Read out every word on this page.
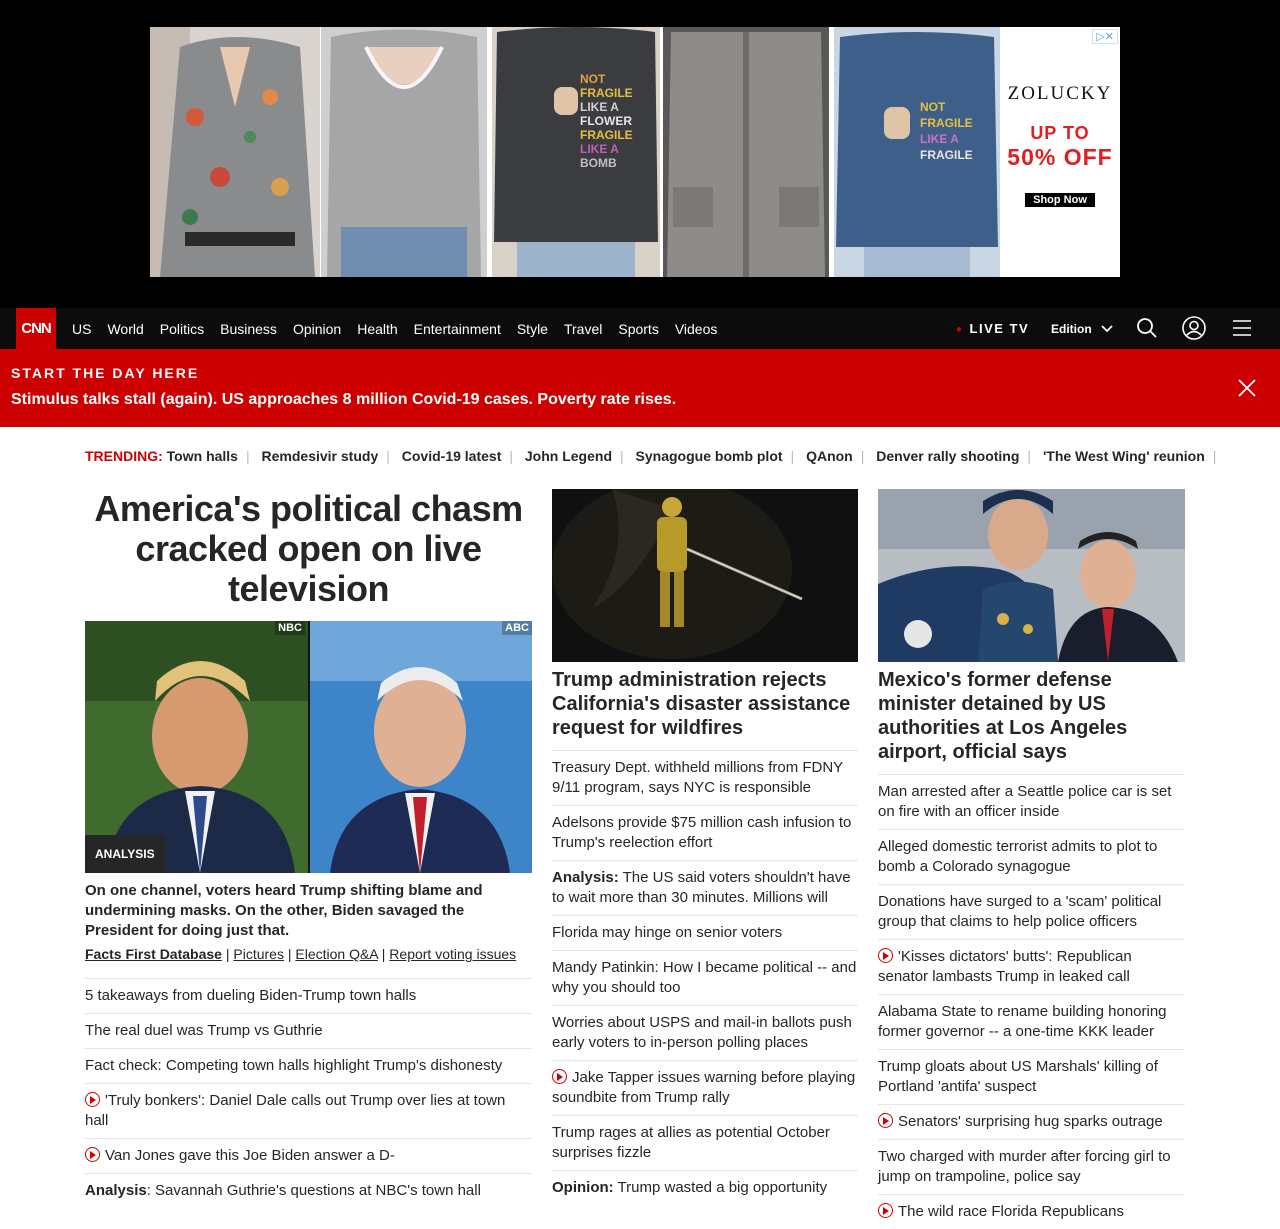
NOT
FRAGILE
LIKE A
FLOWER
FRAGILE
LIKE A
BOMB
NOT
FRAGILE
LIKE A
FRAGILE
ZOLUCKY
UP TO
50% OFF
Shop Now
▷✕
CNN	US World Politics Business Opinion Health Entertainment Style Travel Sports Videos	● LIVE TV Edition
START THE DAY HERE
Stimulus talks stall (again). US approaches 8 million Covid-19 cases. Poverty rate rises.
TRENDING: Town halls | Remdesivir study | Covid-19 latest | John Legend | Synagogue bomb plot | QAnon | Denver rally shooting | 'The West Wing' reunion |
America's political chasm cracked open on live television
NBC	ABC
ANALYSIS
On one channel, voters heard Trump shifting blame and undermining masks. On the other, Biden savaged the President for doing just that.
Facts First Database | Pictures | Election Q&A | Report voting issues
5 takeaways from dueling Biden-Trump town halls
The real duel was Trump vs Guthrie
Fact check: Competing town halls highlight Trump's dishonesty
'Truly bonkers': Daniel Dale calls out Trump over lies at town hall
Van Jones gave this Joe Biden answer a D-
Analysis: Savannah Guthrie's questions at NBC's town hall
Trump administration rejects California's disaster assistance request for wildfires
Treasury Dept. withheld millions from FDNY 9/11 program, says NYC is responsible
Adelsons provide $75 million cash infusion to Trump's reelection effort
Analysis: The US said voters shouldn't have to wait more than 30 minutes. Millions will
Florida may hinge on senior voters
Mandy Patinkin: How I became political -- and why you should too
Worries about USPS and mail-in ballots push early voters to in-person polling places
Jake Tapper issues warning before playing soundbite from Trump rally
Trump rages at allies as potential October surprises fizzle
Opinion: Trump wasted a big opportunity
Mexico's former defense minister detained by US authorities at Los Angeles airport, official says
Man arrested after a Seattle police car is set on fire with an officer inside
Alleged domestic terrorist admits to plot to bomb a Colorado synagogue
Donations have surged to a 'scam' political group that claims to help police officers
'Kisses dictators' butts': Republican senator lambasts Trump in leaked call
Alabama State to rename building honoring former governor -- a one-time KKK leader
Trump gloats about US Marshals' killing of Portland 'antifa' suspect
Senators' surprising hug sparks outrage
Two charged with murder after forcing girl to jump on trampoline, police say
The wild race Florida Republicans
